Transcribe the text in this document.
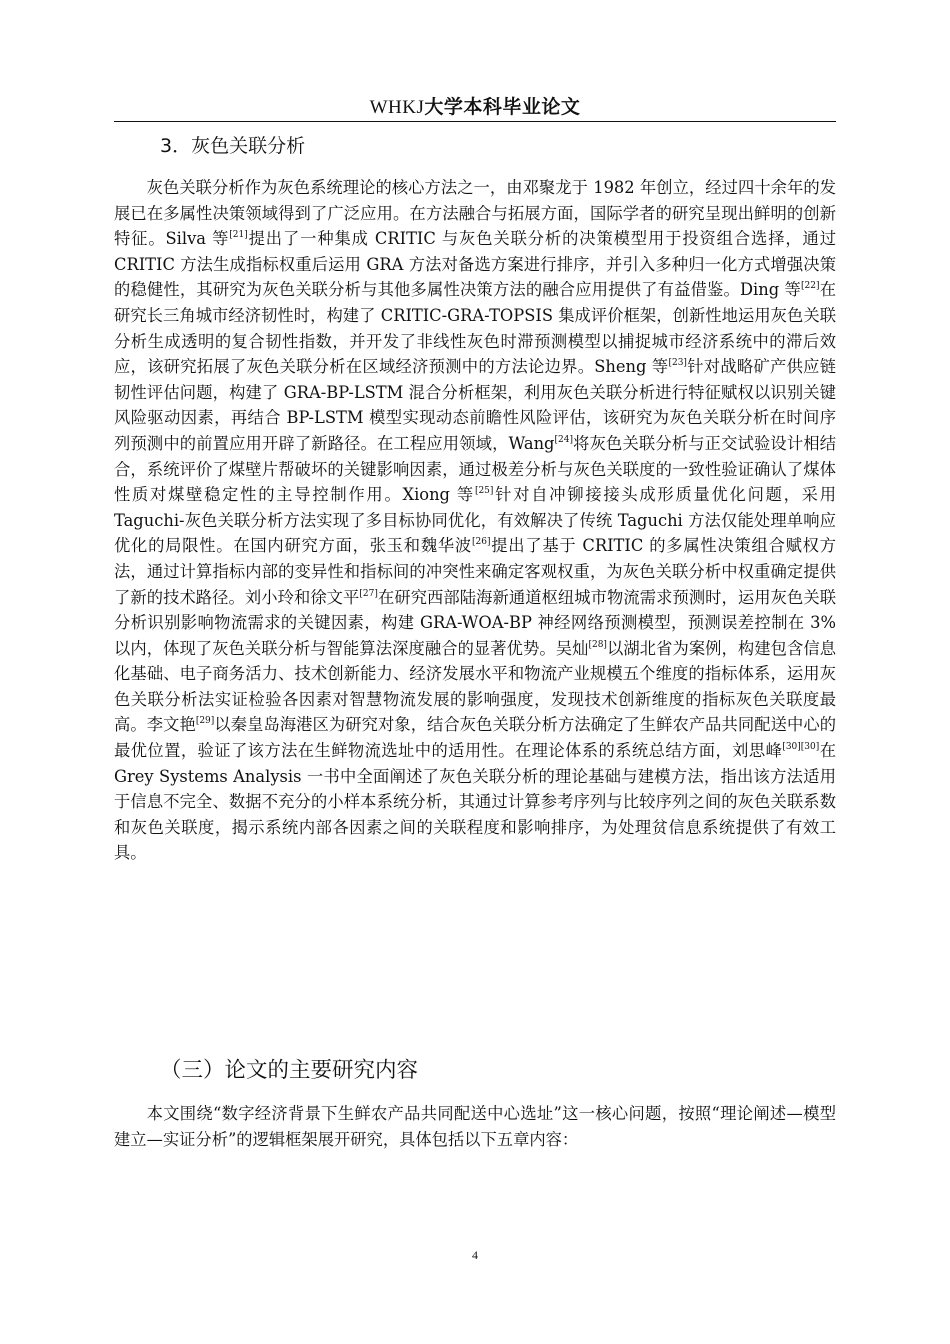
WHKJ大学本科毕业论文
3．灰色关联分析

灰色关联分析作为灰色系统理论的核心方法之一，由邓聚龙于 1982 年创立，经过四十余年的发展已在多属性决策领域得到了广泛应用。在方法融合与拓展方面，国际学者的研究呈现出鲜明的创新特征。Silva 等[21]提出了一种集成 CRITIC 与灰色关联分析的决策模型用于投资组合选择，通过 CRITIC 方法生成指标权重后运用 GRA 方法对备选方案进行排序，并引入多种归一化方式增强决策的稳健性，其研究为灰色关联分析与其他多属性决策方法的融合应用提供了有益借鉴。Ding 等[22]在研究长三角城市经济韧性时，构建了 CRITIC-GRA-TOPSIS 集成评价框架，创新性地运用灰色关联分析生成透明的复合韧性指数，并开发了非线性灰色时滞预测模型以捕捉城市经济系统中的滞后效应，该研究拓展了灰色关联分析在区域经济预测中的方法论边界。Sheng 等[23]针对战略矿产供应链韧性评估问题，构建了 GRA-BP-LSTM 混合分析框架，利用灰色关联分析进行特征赋权以识别关键风险驱动因素，再结合 BP-LSTM 模型实现动态前瞻性风险评估，该研究为灰色关联分析在时间序列预测中的前置应用开辟了新路径。在工程应用领域，Wang[24]将灰色关联分析与正交试验设计相结合，系统评价了煤壁片帮破坏的关键影响因素，通过极差分析与灰色关联度的一致性验证确认了煤体性质对煤壁稳定性的主导控制作用。Xiong 等[25]针对自冲铆接接头成形质量优化问题，采用 Taguchi-灰色关联分析方法实现了多目标协同优化，有效解决了传统 Taguchi 方法仅能处理单响应优化的局限性。在国内研究方面，张玉和魏华波[26]提出了基于 CRITIC 的多属性决策组合赋权方法，通过计算指标内部的变异性和指标间的冲突性来确定客观权重，为灰色关联分析中权重确定提供了新的技术路径。刘小玲和徐文平[27]在研究西部陆海新通道枢纽城市物流需求预测时，运用灰色关联分析识别影响物流需求的关键因素，构建 GRA-WOA-BP 神经网络预测模型，预测误差控制在 3%以内，体现了灰色关联分析与智能算法深度融合的显著优势。吴灿[28]以湖北省为案例，构建包含信息化基础、电子商务活力、技术创新能力、经济发展水平和物流产业规模五个维度的指标体系，运用灰色关联分析法实证检验各因素对智慧物流发展的影响强度，发现技术创新维度的指标灰色关联度最高。李文艳[29]以秦皇岛海港区为研究对象，结合灰色关联分析方法确定了生鲜农产品共同配送中心的最优位置，验证了该方法在生鲜物流选址中的适用性。在理论体系的系统总结方面，刘思峰[30][30]在 Grey Systems Analysis 一书中全面阐述了灰色关联分析的理论基础与建模方法，指出该方法适用于信息不完全、数据不充分的小样本系统分析，其通过计算参考序列与比较序列之间的灰色关联系数和灰色关联度，揭示系统内部各因素之间的关联程度和影响排序，为处理贫信息系统提供了有效工具。

（三）论文的主要研究内容

本文围绕“数字经济背景下生鲜农产品共同配送中心选址”这一核心问题，按照“理论阐述—模型建立—实证分析”的逻辑框架展开研究，具体包括以下五章内容：

4
